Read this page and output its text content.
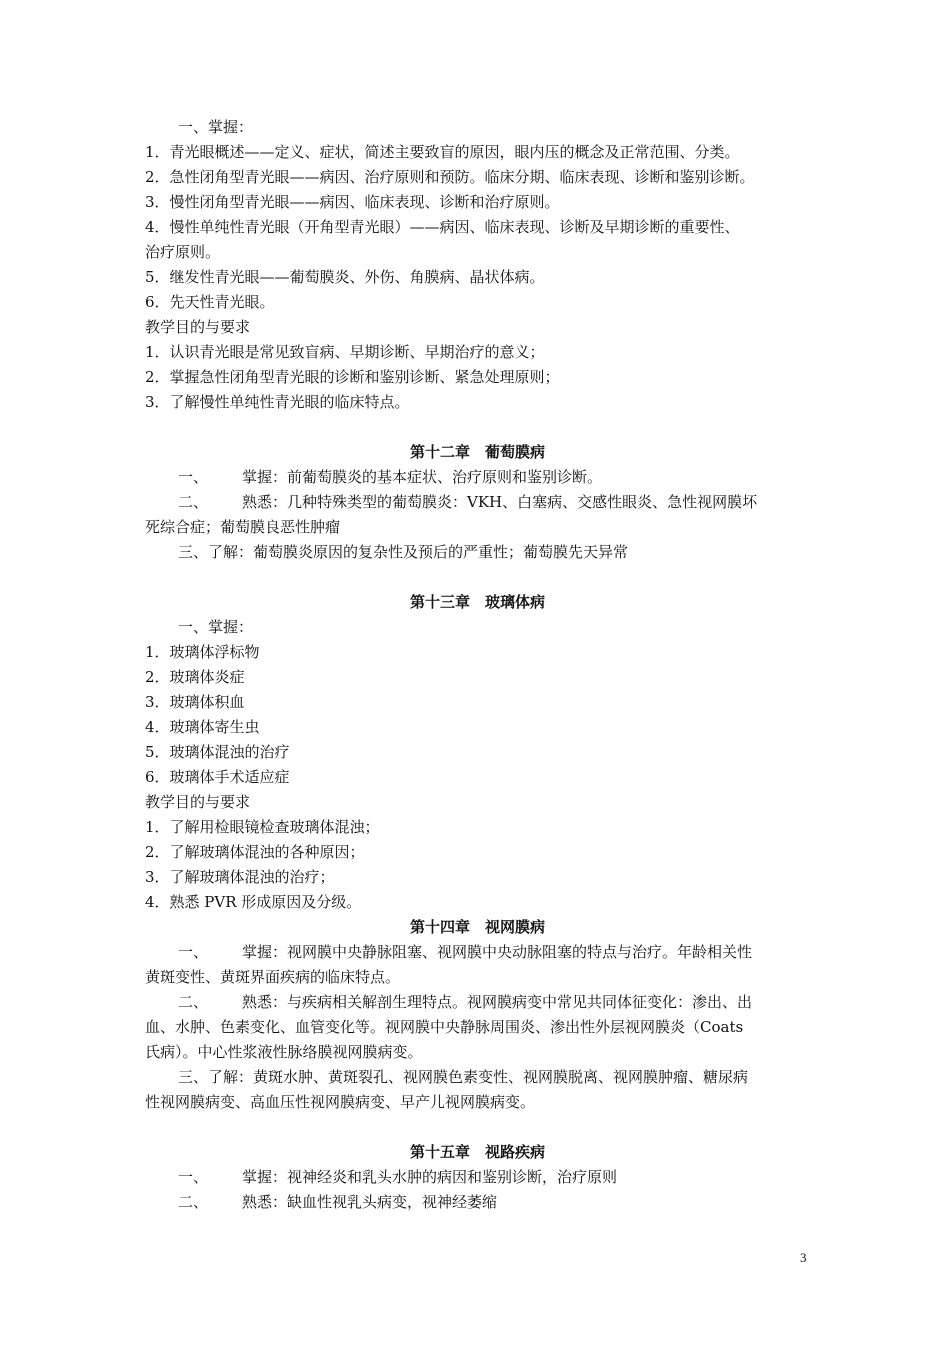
一、掌握：
1．青光眼概述——定义、症状，简述主要致盲的原因，眼内压的概念及正常范围、分类。
2．急性闭角型青光眼——病因、治疗原则和预防。临床分期、临床表现、诊断和鉴别诊断。
3．慢性闭角型青光眼——病因、临床表现、诊断和治疗原则。
4．慢性单纯性青光眼（开角型青光眼）——病因、临床表现、诊断及早期诊断的重要性、
治疗原则。
5．继发性青光眼——葡萄膜炎、外伤、角膜病、晶状体病。
6．先天性青光眼。
教学目的与要求
1．认识青光眼是常见致盲病、早期诊断、早期治疗的意义；
2．掌握急性闭角型青光眼的诊断和鉴别诊断、紧急处理原则；
3．了解慢性单纯性青光眼的临床特点。
第十二章　葡萄膜病
一、 掌握：前葡萄膜炎的基本症状、治疗原则和鉴别诊断。
二、 熟悉：几种特殊类型的葡萄膜炎：VKH、白塞病、交感性眼炎、急性视网膜坏
死综合症；葡萄膜良恶性肿瘤
三、了解：葡萄膜炎原因的复杂性及预后的严重性；葡萄膜先天异常
第十三章　玻璃体病
一、掌握：
1．玻璃体浮标物
2．玻璃体炎症
3．玻璃体积血
4．玻璃体寄生虫
5．玻璃体混浊的治疗
6．玻璃体手术适应症
教学目的与要求
1．了解用检眼镜检查玻璃体混浊；
2．了解玻璃体混浊的各种原因；
3．了解玻璃体混浊的治疗；
4．熟悉 PVR 形成原因及分级。
第十四章　视网膜病
一、 掌握：视网膜中央静脉阻塞、视网膜中央动脉阻塞的特点与治疗。年龄相关性
黄斑变性、黄斑界面疾病的临床特点。
二、 熟悉：与疾病相关解剖生理特点。视网膜病变中常见共同体征变化：渗出、出
血、水肿、色素变化、血管变化等。视网膜中央静脉周围炎、渗出性外层视网膜炎（Coats
氏病）。中心性浆液性脉络膜视网膜病变。
三、了解：黄斑水肿、黄斑裂孔、视网膜色素变性、视网膜脱离、视网膜肿瘤、糖尿病
性视网膜病变、高血压性视网膜病变、早产儿视网膜病变。
第十五章　视路疾病
一、 掌握：视神经炎和乳头水肿的病因和鉴别诊断，治疗原则
二、 熟悉：缺血性视乳头病变，视神经萎缩
3
